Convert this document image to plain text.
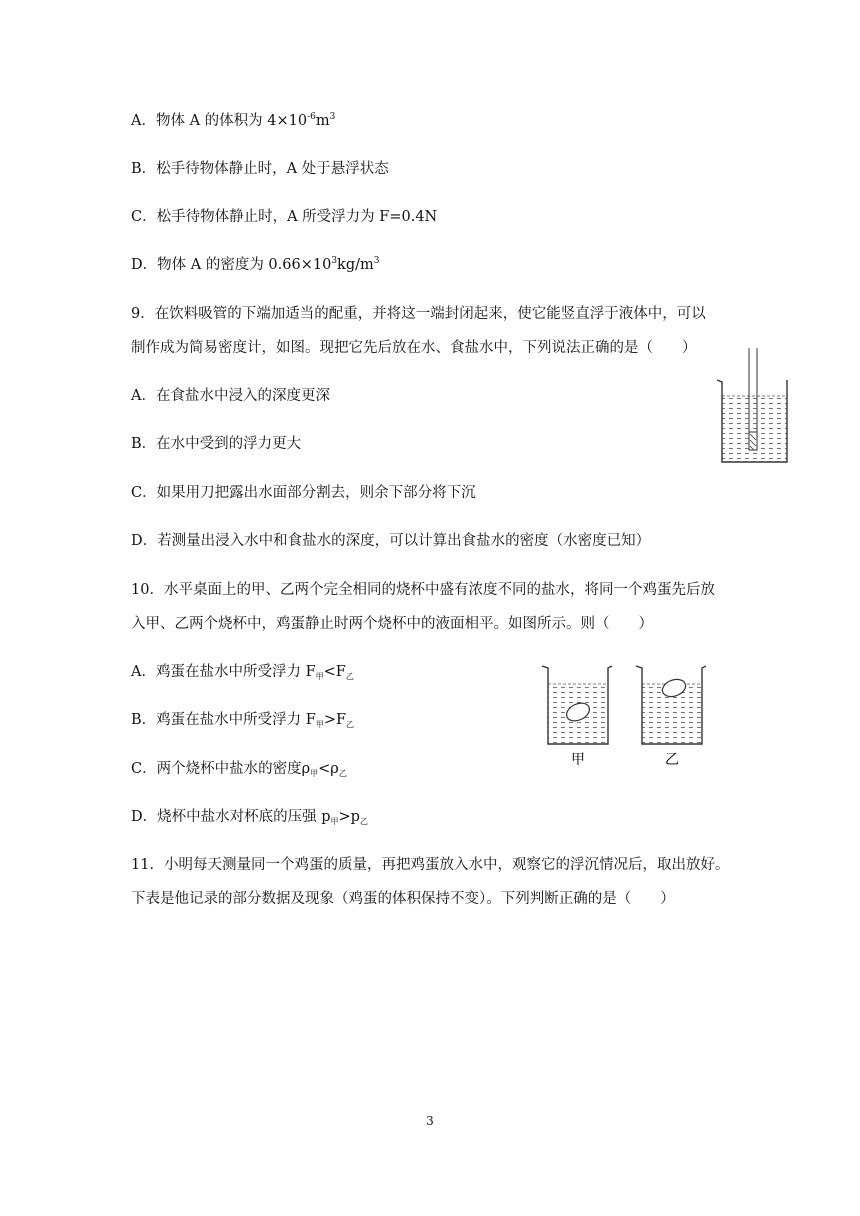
A．物体 A 的体积为 $4\times 10^{-6}m^3$
B．松手待物体静止时，A 处于悬浮状态
C．松手待物体静止时，A 所受浮力为 F=0.4N
D．物体 A 的密度为 $0.66\times 10^3kg/m^3$
9．在饮料吸管的下端加适当的配重，并将这一端封闭起来，使它能竖直浮于液体中，可以
制作成为简易密度计，如图。现把它先后放在水、食盐水中，下列说法正确的是（　　）
A．在食盐水中浸入的深度更深
B．在水中受到的浮力更大
C．如果用刀把露出水面部分割去，则余下部分将下沉
D．若测量出浸入水中和食盐水的深度，可以计算出食盐水的密度（水密度已知）
10．水平桌面上的甲、乙两个完全相同的烧杯中盛有浓度不同的盐水，将同一个鸡蛋先后放
入甲、乙两个烧杯中，鸡蛋静止时两个烧杯中的液面相平。如图所示。则（　　）
A．鸡蛋在盐水中所受浮力 $F_甲<F_乙$
B．鸡蛋在盐水中所受浮力 $F_甲>F_乙$
C．两个烧杯中盐水的密度$\rho_甲<\rho_乙$
D．烧杯中盐水对杯底的压强 $p_甲>p_乙$
甲	乙
11．小明每天测量同一个鸡蛋的质量，再把鸡蛋放入水中，观察它的浮沉情况后，取出放好。
下表是他记录的部分数据及现象（鸡蛋的体积保持不变）。下列判断正确的是（　　）
3
